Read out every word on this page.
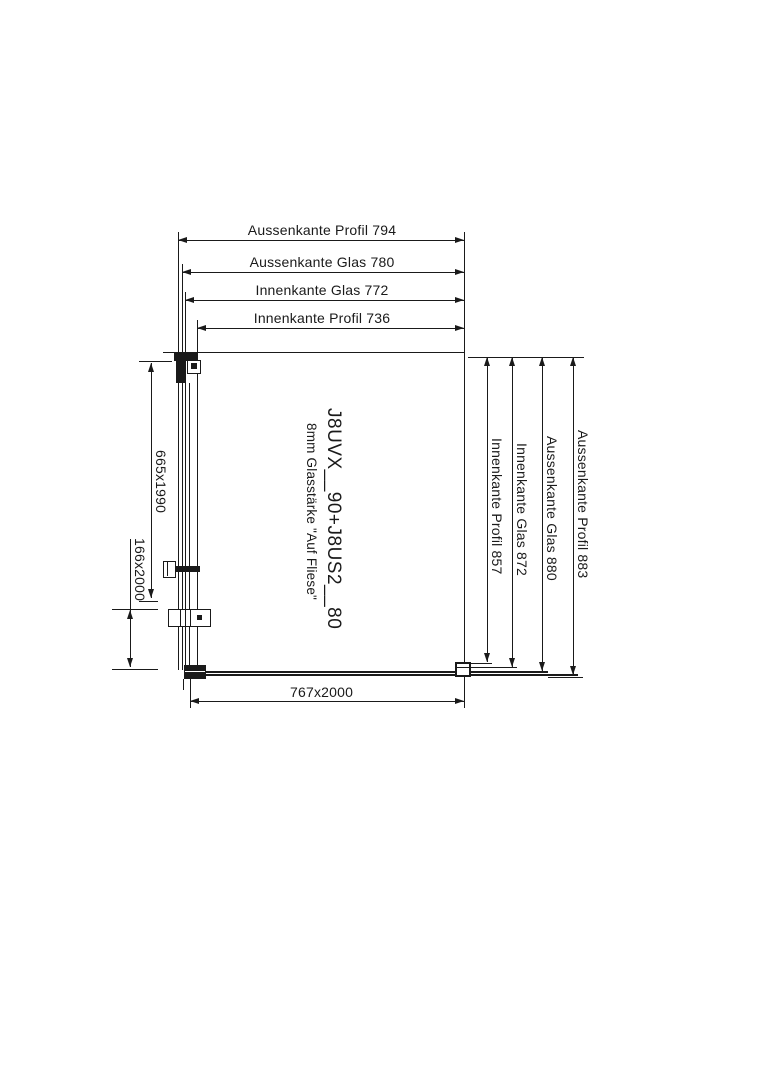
Aussenkante Profil 794
Aussenkante Glas 780
Innenkante Glas 772
Innenkante Profil 736
Innenkante Profil 857 Innenkante Glas 872 Aussenkante Glas 880 Aussenkante Profil 883
665x1990
166x2000
767x2000
J8UVX__90+J8US2__80
8mm Glasstärke "Auf Fliese"
